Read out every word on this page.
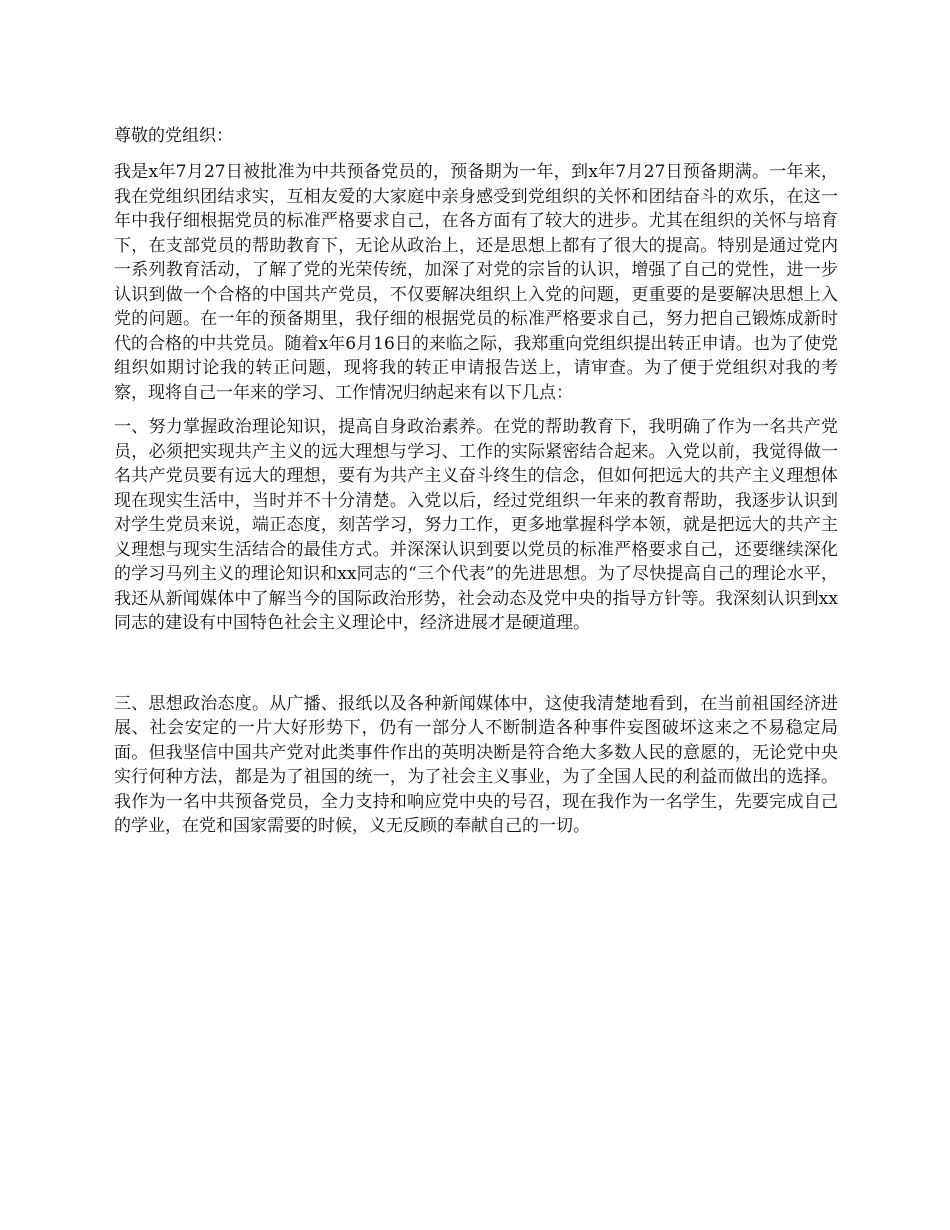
尊敬的党组织：

我是x年7月27日被批准为中共预备党员的，预备期为一年，到x年7月27日预备期满。一年来，我在党组织团结求实，互相友爱的大家庭中亲身感受到党组织的关怀和团结奋斗的欢乐，在这一年中我仔细根据党员的标准严格要求自己，在各方面有了较大的进步。尤其在组织的关怀与培育下，在支部党员的帮助教育下，无论从政治上，还是思想上都有了很大的提高。特别是通过党内一系列教育活动，了解了党的光荣传统，加深了对党的宗旨的认识，增强了自己的党性，进一步认识到做一个合格的中国共产党员，不仅要解决组织上入党的问题，更重要的是要解决思想上入党的问题。在一年的预备期里，我仔细的根据党员的标准严格要求自己，努力把自己锻炼成新时代的合格的中共党员。随着x年6月16日的来临之际，我郑重向党组织提出转正申请。也为了使党组织如期讨论我的转正问题，现将我的转正申请报告送上，请审查。为了便于党组织对我的考察，现将自己一年来的学习、工作情况归纳起来有以下几点：

一、努力掌握政治理论知识，提高自身政治素养。在党的帮助教育下，我明确了作为一名共产党员，必须把实现共产主义的远大理想与学习、工作的实际紧密结合起来。入党以前，我觉得做一名共产党员要有远大的理想，要有为共产主义奋斗终生的信念，但如何把远大的共产主义理想体现在现实生活中，当时并不十分清楚。入党以后，经过党组织一年来的教育帮助，我逐步认识到对学生党员来说，端正态度，刻苦学习，努力工作，更多地掌握科学本领，就是把远大的共产主义理想与现实生活结合的最佳方式。并深深认识到要以党员的标准严格要求自己，还要继续深化的学习马列主义的理论知识和xx同志的“三个代表”的先进思想。为了尽快提高自己的理论水平，我还从新闻媒体中了解当今的国际政治形势，社会动态及党中央的指导方针等。我深刻认识到xx同志的建设有中国特色社会主义理论中，经济进展才是硬道理。

三、思想政治态度。从广播、报纸以及各种新闻媒体中，这使我清楚地看到，在当前祖国经济进展、社会安定的一片大好形势下，仍有一部分人不断制造各种事件妄图破坏这来之不易稳定局面。但我坚信中国共产党对此类事件作出的英明决断是符合绝大多数人民的意愿的，无论党中央实行何种方法，都是为了祖国的统一，为了社会主义事业，为了全国人民的利益而做出的选择。我作为一名中共预备党员，全力支持和响应党中央的号召，现在我作为一名学生，先要完成自己的学业，在党和国家需要的时候，义无反顾的奉献自己的一切。
